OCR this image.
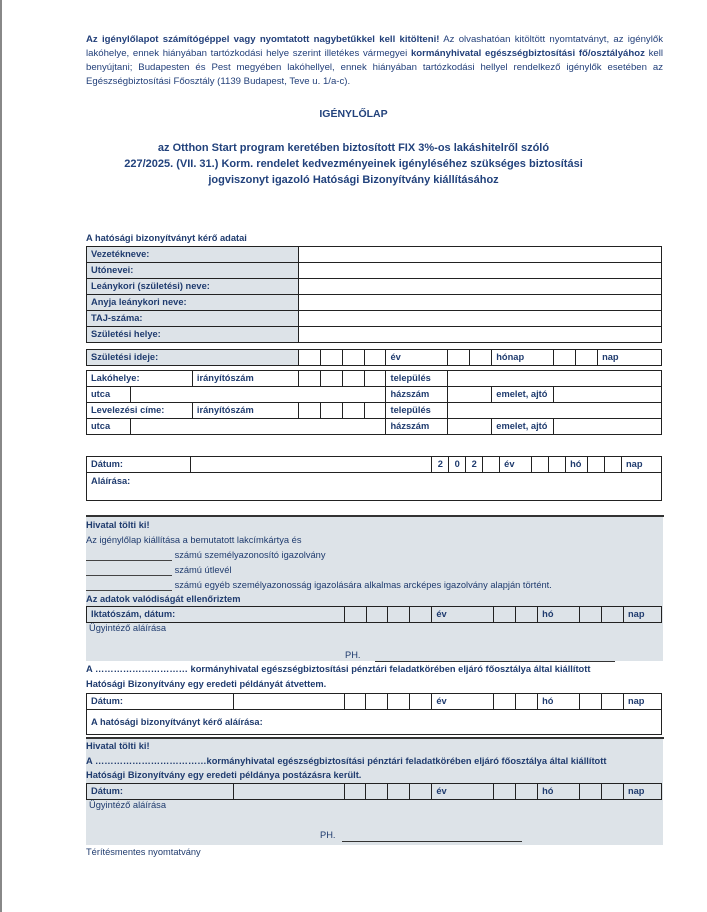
Az igénylőlapot számítógéppel vagy nyomtatott nagybetűkkel kell kitölteni! Az olvashatóan kitöltött nyomtatványt, az igénylők lakóhelye, ennek hiányában tartózkodási helye szerint illetékes vármegyei kormányhivatal egészségbiztosítási fő/osztályához kell benyújtani; Budapesten és Pest megyében lakóhellyel, ennek hiányában tartózkodási hellyel rendelkező igénylők esetében az Egészségbiztosítási Főosztály (1139 Budapest, Teve u. 1/a-c).
IGÉNYLŐLAP
az Otthon Start program keretében biztosított FIX 3%-os lakáshitelről szóló
227/2025. (VII. 31.) Korm. rendelet kedvezményeinek igényléséhez szükséges biztosítási
jogviszonyt igazoló Hatósági Bizonyítvány kiállításához
A hatósági bizonyítványt kérő adatai
Vezetékneve:	
Utónevei:	
Leánykori (születési) neve:	
Anyja leánykori neve:	
TAJ-száma:	
Születési helye:	
Születési ideje:					év			hónap			nap
Lakóhelye:		irányítószám					település			
utca							házszám		emelet, ajtó	
Levelezési címe:		irányítószám					település			
utca							házszám		emelet, ajtó	
Dátum:		2	0	2		év			hó			nap
Aláírása:
Hivatal tölti ki!
Az igénylőlap kiállítása a bemutatott lakcímkártya és
számú személyazonosító igazolvány
számú útlevél
számú egyéb személyazonosság igazolására alkalmas arcképes igazolvány alapján történt.
Az adatok valódiságát ellenőriztem
Iktatószám, dátum:					év			hó			nap
Ügyintéző aláírása
PH.
A ………………………… kormányhivatal egészségbiztosítási pénztári feladatkörében eljáró főosztálya által kiállított
Hatósági Bizonyítvány egy eredeti példányát átvettem.
Dátum:						év			hó			nap
A hatósági bizonyítványt kérő aláírása:
Hivatal tölti ki!
A ………………………………kormányhivatal egészségbiztosítási pénztári feladatkörében eljáró főosztálya által kiállított
Hatósági Bizonyítvány egy eredeti példánya postázásra került.
Dátum:						év			hó			nap
Ügyintéző aláírása
PH.
Térítésmentes nyomtatvány
